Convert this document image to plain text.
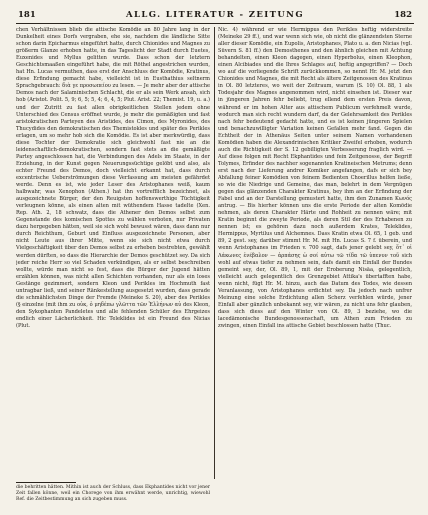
181	ALLG. LITERATUR - ZEITUNG	182

chen Verhältnissen blieb die attische Komödie an 80 Jahre lang in der Dunkelheit eines Dorfs vergraben, ehe sie, nachdem die ländliche Sitte schon darin Epicharmus eingeführt hatte, durch Chionides und Magnes zu größerm Glanze erhoben hatte, in das Tageslicht der Stadt durch Euetes, Euxenides und Myllus gelitten wurde. Dass schon der letztern Geschichtsmaaßen eingeführt habe, die mit Röthel angestrichen wurden, hat Hn. Lucas vermuthen, dass erst der Anschluss der Komödie, Kratinus, diese Erfindung gemacht habe, vielleicht ist in Eusthathius seltnerm Sprachgebrauch: διὰ γε προσωπείου zu lesen. — Je mehr aber der attische Demos nach der Salaminischen Schlacht, die er als sein Werk ansah, sich hob (Aristot. Polit. 5, 9; 6, 5; 5, 4; 6, 4, 5; Plut. Arist. 22; Themist. 19, u. a.) und der Zutritt zu fast allen obrigkeitlichen Stellen jedem ohne Unterschied des Census eröffnet wurde, je mehr die gemäßigten und fast aristokratischen Parteyen des Aristides, des Cimon, des Myronides, des Thucydides den demokratischen des Themistokles und später des Perikles erlagen, um so mehr hob sich die Komödie. Es ist aber merkwürdig, dass diese Tochter der Demokratie sich gleichwohl fast nie an die leidenschaftlich-demokratischen, sondern fast stets an die gemäßigte Partey angeschlossen hat, die Verbindungen des Adels im Staate, in der Erziehung, in der Kunst gegen Neuerungssüchtige gelöbt und also, als echter Freund des Demos, doch vielleicht erkannt hat, dass durch excentrische Ueberströmungen diese Verfassung am meisten gefährdet werde. Denn es ist, wie jeder Leser des Aristophanes weiß, kaum halbwahr, was Xenophon (Athen.) hat ihn vortrefflich bezeichnet, als ausgezeichnete Bürger, der den Reuigsten hoffenswerthige Tüchtigkeit verleugnen könne, als einen alten mit wüthendem Hasse tadelte (Xen. Rep. Ath. 2, 18 schwatz, dass die Athener den Demos selbst zum Gegenstande des komischen Spottes zu wählen verboten, nur Privaten dazu hergegeben hätten, weil sie sich wohl bewusst wären, dass dann nur durch Reichthum, Geburt und Einfluss ausgezeichnete Personen, aber nicht Leute aus ihrer Mitte, wenn sie sich nicht etwa durch Vielgeschäftigkeit über den Demos selbst zu erheben bestrebten, gewählt werden dürften, so dass die Hierarchie der Demos geschützet sey. Da sich jeder reiche Herr so viel Schaden verkündigen, als er selbst beschreiben wollte, würde man nicht so fest, dass die Bürger der Jugend hätten erzählen können, was nicht allen Schichten vorhanden, nur als ein loses Gestänge gezimmert, sondern Kleon und Perikles im Hochmuth fast untragbar ließ, und seiner Ränkestellung ausgesetzt wurden, dass gerade die schmählichsten Dinge der Fremde (Meineke S. 20), aber des Perikles (§ einzelne (mit ihm zu οὐκ, ὁ μηδέπω γλῶττα τῶν Ἑλλήνων αὐ des Kleon, den Sykophanten Pandeletes und alle fehlenden Schüler des Ehrgeizes endlich einer Lächerlichkeit. Hic Teleklides ist ein Freund des Nicias (Plut.

Nic. 4) während er wie Hermippus den Perikles heftig widerstreite (Meineke 29 ff.), und war wenn sich wie, ob nicht die glänzendsten Sterne aller dieser Komödie, ein Eupolis, Aristophanes, Plato u. a. den Nicias (vgl. Süvern S. 81 ff.) den Demosthenes und den ähnlich gleichen mit Achtung behandelten, einen Kleon dagegen, einen Hyperbolus, einen Kleophon, einen Alcibiades und die Ihres Schlages auf, heftig angegriffen? — Doch wo auf die vorliegende Schrift zurückkommen, so nennt Hr. M. jetzt den Chionides und Magnes, die mit Recht als ältere Zeitgenossen des Kratinus in Ol. 80 letzteres, wo weit der Zeitraum, warum (S. 10) Ol. 88, 1 als Todesjahr des Magnes angenommen wird, nicht einsehen ist. Dieser war in jüngeren Jahren fehr beliebt, trug ellend dem ersten Preis davon, während er im hohen Alter aus attischem Publicum verfehmelt wurde, wodurch man sich recht wundern darf, da der Gelehrsamkeit des Perikles nach fehr bedeutend gedacht hatte, und es ist keinen jüngeren Spielen und benachzuwilligter Variation keinen Gefallen mehr fand. Gegen die Echtheit der in Athenäus Seiten unter seinem Namen vorhandenen Komödien haben die Alexandrinischen Kritiker Zweifel erhoben, wodurch auch die Richtigkeit der S. 12 gebilligten Verbesserung fraglich wird. — Auf diese folgen mit Recht Ekphantides und fein Zeitgenosse, der Begriff Tolymes, Erfinder des nachher sogenannten Kratineischen Metrums; denn erst nach der Lieferung andrer Komiker angefangen, dafs er sich bey Abfallung feiner Komödien von feinem Bedienten Choerillus helfen ließe, so wie die Niedrige und Gemeine, das man, belehrt in dem Vergnügen gegen das glänzenden Charakter Kratinus, bey ihm an der Erfindung der Fabel und an der Darstellung gemustert hatte, ihm den Zunamen Κωνός antrug. — Bis hierher können uns die erste Periode der alten Komödie nehmen, als deren Charakter Härte und Rohheit zu nennen wäre; mit Kratin beginnt die zweyte Periode, als deren Stil der des Erhabenen zu nennen ist; es gehören dazu noch außerdem Krates, Teleklides, Hermippus, Myrtilus und Alchemnes. Dass Kratin etwa Ol. 65, 1 geb. und 89, 2 gest. sey, darüber stimmt Hr. M. mit Hn. Lucas S. 7 f. überein, und wenn Aristophanes im Frieden v. 700 sagt, dafs jener gelebt sey, ὅτ᾿ οἱ Λάκωνες ἐνέβαλον — ἀρπάσης ὡ σοί αὐτω τῶ τίδα τῶ ὑπενυν τοῦ sich wohl auf etwas tiefer zu nehmen sein, dafs damit ein Einfall der Bundes gemeint sey, der, Ol. 89, 1, mit der Eroberung Nisäa, gelegentlich, vielleicht auch gelegentlich des Grenzgebiet Attika's übertafften habe, wenn nicht, fügt Hr. M. hinzu, auch das Datum des Todes, wie dessen Veranlassung, von Aristophanes erdichtet sey. Da jedoch nach unfrer Meinung eine solche Erdichtung allen Scherz verfehlen würde, jener Einfall aber gänzlich unbekannt sey, wir wären, zu nicht uns fehr glauben, dass sich diess auf den Winter von Ol. 89, 3 beziehe, wo die lacedämonische Bundesgenossenschaft, um Athen zum Frieden zu zwingen, einen Einfall ins attische Gebiet beschlossen hatte (Thuc.

die behritten hätten. Mithin ist auch der Schluss, dass Ekphantides nicht vor jener Zeit fallen könne, weil ein Chorege von ihm erwähnt werde, unrichtig, wiewohl Ref. die Zeitbestimmung an sich zugeben muss.
